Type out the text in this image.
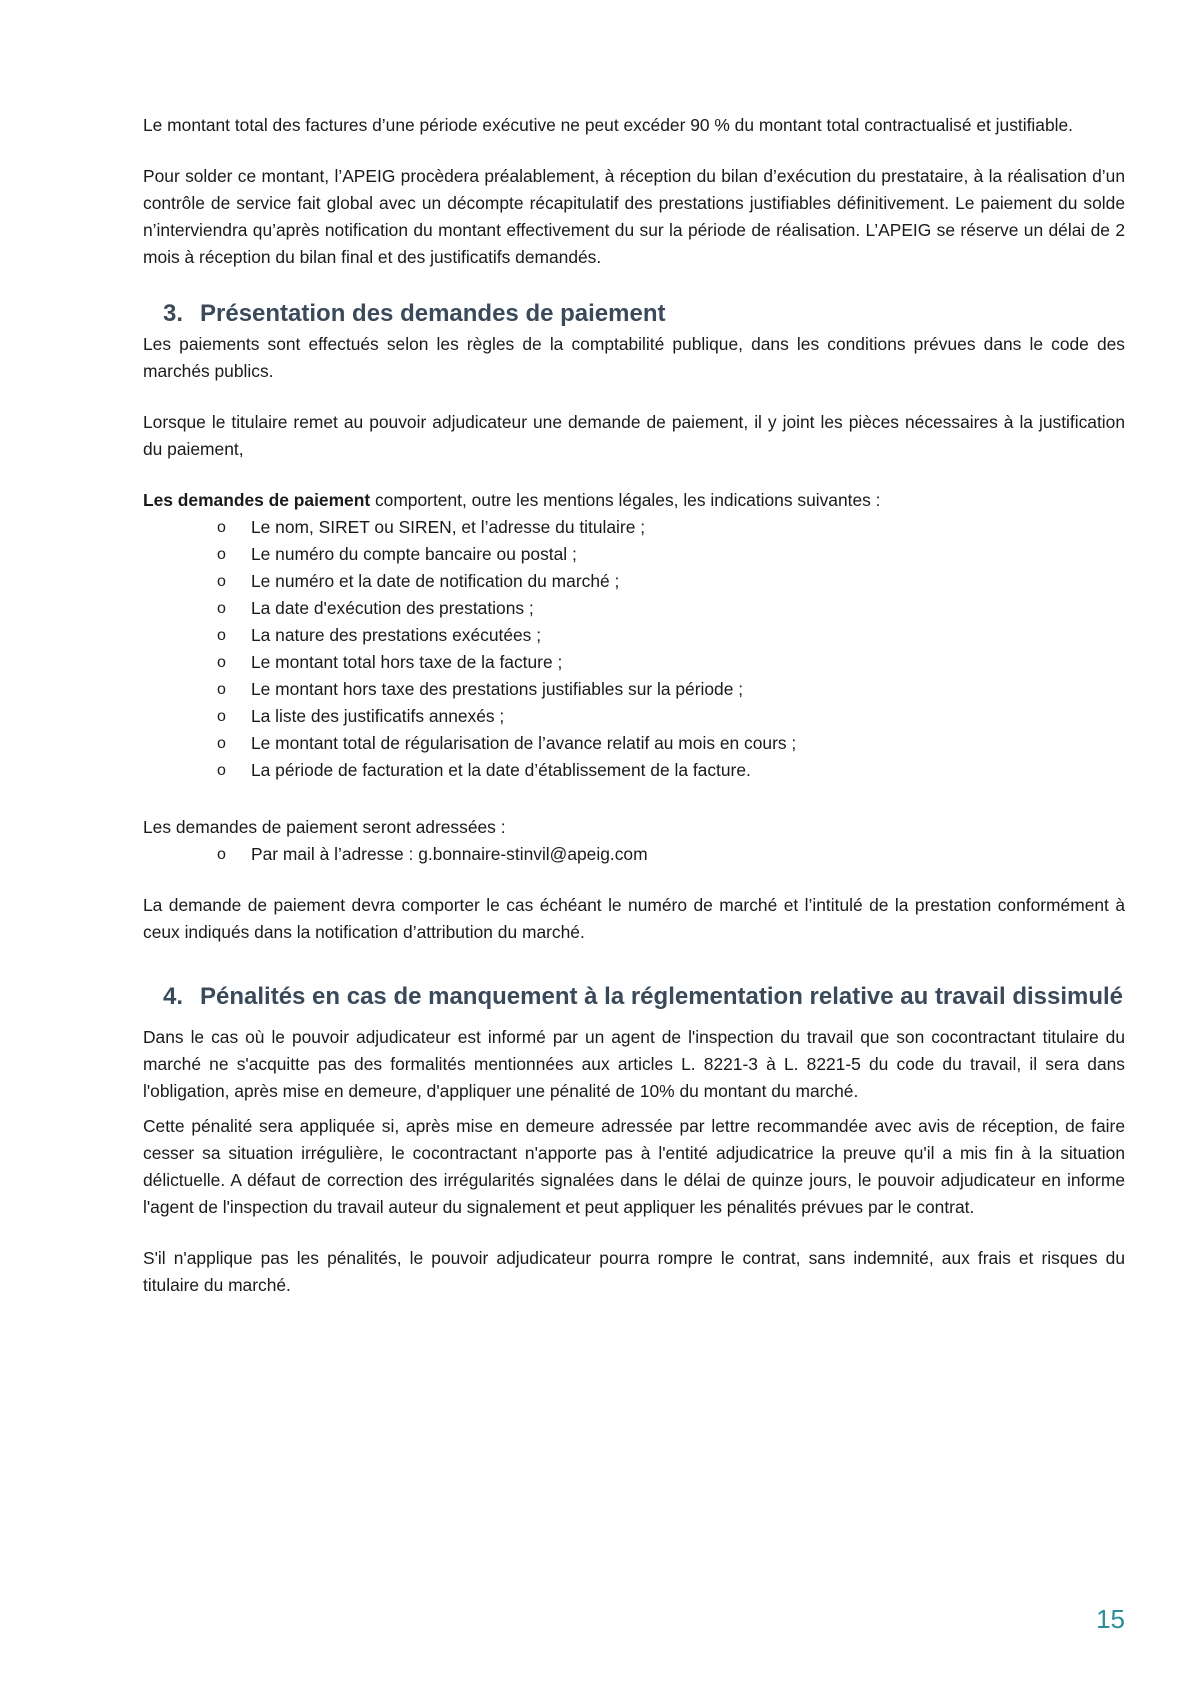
Le montant total des factures d’une période exécutive ne peut excéder 90 % du montant total contractualisé et justifiable.

Pour solder ce montant, l’APEIG procèdera préalablement, à réception du bilan d’exécution du prestataire, à la réalisation d’un contrôle de service fait global avec un décompte récapitulatif des prestations justifiables définitivement. Le paiement du solde n’interviendra qu’après notification du montant effectivement du sur la période de réalisation. L’APEIG se réserve un délai de 2 mois à réception du bilan final et des justificatifs demandés.

3. Présentation des demandes de paiement

Les paiements sont effectués selon les règles de la comptabilité publique, dans les conditions prévues dans le code des marchés publics.

Lorsque le titulaire remet au pouvoir adjudicateur une demande de paiement, il y joint les pièces nécessaires à la justification du paiement,

Les demandes de paiement comportent, outre les mentions légales, les indications suivantes :

o Le nom, SIRET ou SIREN, et l’adresse du titulaire ;
o Le numéro du compte bancaire ou postal ;
o Le numéro et la date de notification du marché ;
o La date d'exécution des prestations ;
o La nature des prestations exécutées ;
o Le montant total hors taxe de la facture ;
o Le montant hors taxe des prestations justifiables sur la période ;
o La liste des justificatifs annexés ;
o Le montant total de régularisation de l’avance relatif au mois en cours ;
o La période de facturation et la date d’établissement de la facture.

Les demandes de paiement seront adressées :

o Par mail à l’adresse : g.bonnaire-stinvil@apeig.com

La demande de paiement devra comporter le cas échéant le numéro de marché et l’intitulé de la prestation conformément à ceux indiqués dans la notification d’attribution du marché.

4. Pénalités en cas de manquement à la réglementation relative au travail dissimulé

Dans le cas où le pouvoir adjudicateur est informé par un agent de l'inspection du travail que son cocontractant titulaire du marché ne s'acquitte pas des formalités mentionnées aux articles L. 8221-3 à L. 8221-5 du code du travail, il sera dans l'obligation, après mise en demeure, d'appliquer une pénalité de 10% du montant du marché.

Cette pénalité sera appliquée si, après mise en demeure adressée par lettre recommandée avec avis de réception, de faire cesser sa situation irrégulière, le cocontractant n'apporte pas à l'entité adjudicatrice la preuve qu'il a mis fin à la situation délictuelle. A défaut de correction des irrégularités signalées dans le délai de quinze jours, le pouvoir adjudicateur en informe l'agent de l'inspection du travail auteur du signalement et peut appliquer les pénalités prévues par le contrat.

S'il n'applique pas les pénalités, le pouvoir adjudicateur pourra rompre le contrat, sans indemnité, aux frais et risques du titulaire du marché.

15
